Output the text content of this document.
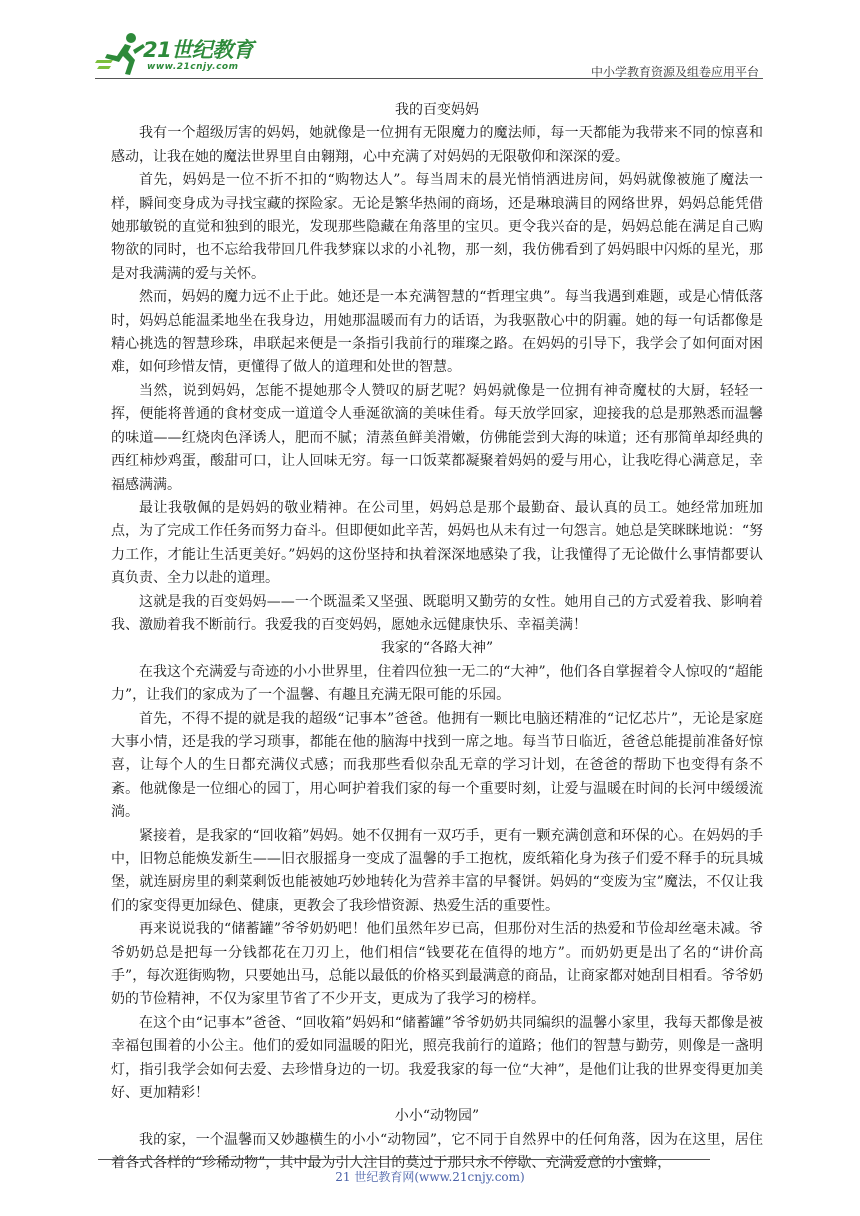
21世纪教育
www.21cnjy.com	中小学教育资源及组卷应用平台
我的百变妈妈

我有一个超级厉害的妈妈，她就像是一位拥有无限魔力的魔法师，每一天都能为我带来不同的惊喜和感动，让我在她的魔法世界里自由翱翔，心中充满了对妈妈的无限敬仰和深深的爱。

首先，妈妈是一位不折不扣的“购物达人”。每当周末的晨光悄悄洒进房间，妈妈就像被施了魔法一样，瞬间变身成为寻找宝藏的探险家。无论是繁华热闹的商场，还是琳琅满目的网络世界，妈妈总能凭借她那敏锐的直觉和独到的眼光，发现那些隐藏在角落里的宝贝。更令我兴奋的是，妈妈总能在满足自己购物欲的同时，也不忘给我带回几件我梦寐以求的小礼物，那一刻，我仿佛看到了妈妈眼中闪烁的星光，那是对我满满的爱与关怀。

然而，妈妈的魔力远不止于此。她还是一本充满智慧的“哲理宝典”。每当我遇到难题，或是心情低落时，妈妈总能温柔地坐在我身边，用她那温暖而有力的话语，为我驱散心中的阴霾。她的每一句话都像是精心挑选的智慧珍珠，串联起来便是一条指引我前行的璀璨之路。在妈妈的引导下，我学会了如何面对困难，如何珍惜友情，更懂得了做人的道理和处世的智慧。

当然，说到妈妈，怎能不提她那令人赞叹的厨艺呢？妈妈就像是一位拥有神奇魔杖的大厨，轻轻一挥，便能将普通的食材变成一道道令人垂涎欲滴的美味佳肴。每天放学回家，迎接我的总是那熟悉而温馨的味道——红烧肉色泽诱人，肥而不腻；清蒸鱼鲜美滑嫩，仿佛能尝到大海的味道；还有那简单却经典的西红柿炒鸡蛋，酸甜可口，让人回味无穷。每一口饭菜都凝聚着妈妈的爱与用心，让我吃得心满意足，幸福感满满。

最让我敬佩的是妈妈的敬业精神。在公司里，妈妈总是那个最勤奋、最认真的员工。她经常加班加点，为了完成工作任务而努力奋斗。但即便如此辛苦，妈妈也从未有过一句怨言。她总是笑眯眯地说：“努力工作，才能让生活更美好。”妈妈的这份坚持和执着深深地感染了我，让我懂得了无论做什么事情都要认真负责、全力以赴的道理。

这就是我的百变妈妈——一个既温柔又坚强、既聪明又勤劳的女性。她用自己的方式爱着我、影响着我、激励着我不断前行。我爱我的百变妈妈，愿她永远健康快乐、幸福美满！

我家的“各路大神”

在我这个充满爱与奇迹的小小世界里，住着四位独一无二的“大神”，他们各自掌握着令人惊叹的“超能力”，让我们的家成为了一个温馨、有趣且充满无限可能的乐园。

首先，不得不提的就是我的超级“记事本”爸爸。他拥有一颗比电脑还精准的“记忆芯片”，无论是家庭大事小情，还是我的学习琐事，都能在他的脑海中找到一席之地。每当节日临近，爸爸总能提前准备好惊喜，让每个人的生日都充满仪式感；而我那些看似杂乱无章的学习计划，在爸爸的帮助下也变得有条不紊。他就像是一位细心的园丁，用心呵护着我们家的每一个重要时刻，让爱与温暖在时间的长河中缓缓流淌。

紧接着，是我家的“回收箱”妈妈。她不仅拥有一双巧手，更有一颗充满创意和环保的心。在妈妈的手中，旧物总能焕发新生——旧衣服摇身一变成了温馨的手工抱枕，废纸箱化身为孩子们爱不释手的玩具城堡，就连厨房里的剩菜剩饭也能被她巧妙地转化为营养丰富的早餐饼。妈妈的“变废为宝”魔法，不仅让我们的家变得更加绿色、健康，更教会了我珍惜资源、热爱生活的重要性。

再来说说我的“储蓄罐”爷爷奶奶吧！他们虽然年岁已高，但那份对生活的热爱和节俭却丝毫未减。爷爷奶奶总是把每一分钱都花在刀刃上，他们相信“钱要花在值得的地方”。而奶奶更是出了名的“讲价高手”，每次逛街购物，只要她出马，总能以最低的价格买到最满意的商品，让商家都对她刮目相看。爷爷奶奶的节俭精神，不仅为家里节省了不少开支，更成为了我学习的榜样。

在这个由“记事本”爸爸、“回收箱”妈妈和“储蓄罐”爷爷奶奶共同编织的温馨小家里，我每天都像是被幸福包围着的小公主。他们的爱如同温暖的阳光，照亮我前行的道路；他们的智慧与勤劳，则像是一盏明灯，指引我学会如何去爱、去珍惜身边的一切。我爱我家的每一位“大神”，是他们让我的世界变得更加美好、更加精彩！

小小“动物园”

我的家，一个温馨而又妙趣横生的小小“动物园”，它不同于自然界中的任何角落，因为在这里，居住着各式各样的“珍稀动物”，其中最为引人注目的莫过于那只永不停歇、充满爱意的小蜜蜂，

21 世纪教育网(www.21cnjy.com)
